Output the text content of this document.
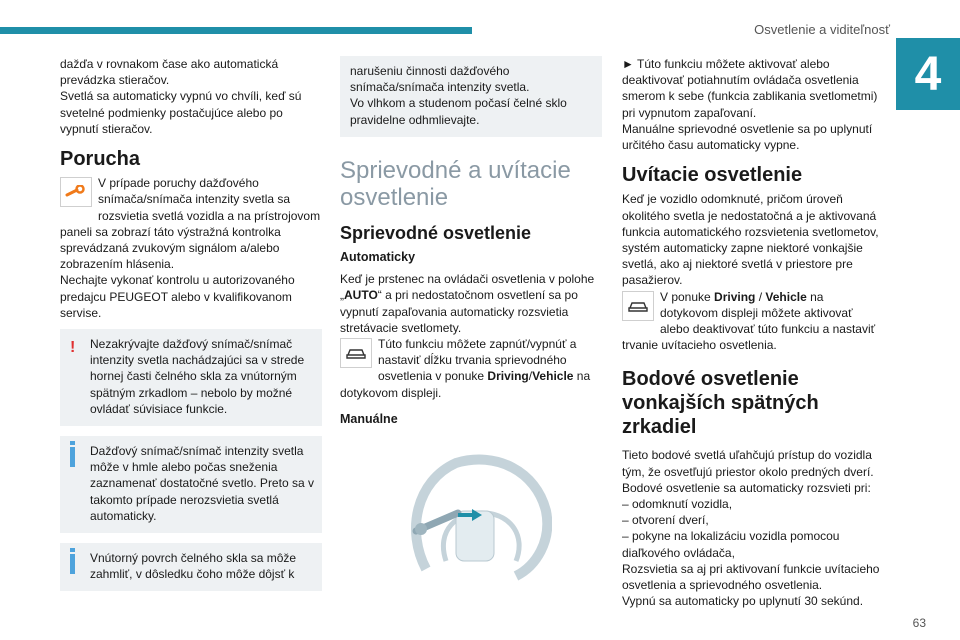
Osvetlenie a viditeľnosť
4

dažďa v rovnakom čase ako automatická prevádzka stieračov.

Svetlá sa automaticky vypnú vo chvíli, keď sú svetelné podmienky postačujúce alebo po vypnutí stieračov.

Porucha

V prípade poruchy dažďového snímača/snímača intenzity svetla sa rozsvietia svetlá vozidla a na prístrojovom paneli sa zobrazí táto výstražná kontrolka sprevádzaná zvukovým signálom a/alebo zobrazením hlásenia.

Nechajte vykonať kontrolu u autorizovaného predajcu PEUGEOT alebo v kvalifikovanom servise.

!	Nezakrývajte dažďový snímač/snímač intenzity svetla nachádzajúci sa v strede hornej časti čelného skla za vnútorným spätným zrkadlom – nebolo by možné ovládať súvisiace funkcie.

Dažďový snímač/snímač intenzity svetla môže v hmle alebo počas sneženia zaznamenať dostatočné svetlo. Preto sa v takomto prípade nerozsvietia svetlá automaticky.

Vnútorný povrch čelného skla sa môže zahmliť, v dôsledku čoho môže dôjsť k

narušeniu činnosti dažďového snímača/snímača intenzity svetla.

Vo vlhkom a studenom počasí čelné sklo pravidelne odhmlievajte.

Sprievodné a uvítacie osvetlenie
Sprievodné osvetlenie
Automaticky

Keď je prstenec na ovládači osvetlenia v polohe „AUTO“ a pri nedostatočnom osvetlení sa po vypnutí zapaľovania automaticky rozsvietia stretávacie svetlomety.

Túto funkciu môžete zapnúť/vypnúť a nastaviť dĺžku trvania sprievodného osvetlenia v ponuke Driving/Vehicle na dotykovom displeji.

Manuálne

► Túto funkciu môžete aktivovať alebo deaktivovať potiahnutím ovládača osvetlenia smerom k sebe (funkcia zablikania svetlometmi) pri vypnutom zapaľovaní.

Manuálne sprievodné osvetlenie sa po uplynutí určitého času automaticky vypne.

Uvítacie osvetlenie

Keď je vozidlo odomknuté, pričom úroveň okolitého svetla je nedostatočná a je aktivovaná funkcia automatického rozsvietenia svetlometov, systém automaticky zapne niektoré vonkajšie svetlá, ako aj niektoré svetlá v priestore pre pasažierov.

V ponuke Driving / Vehicle na dotykovom displeji môžete aktivovať alebo deaktivovať túto funkciu a nastaviť trvanie uvítacieho osvetlenia.

Bodové osvetlenie vonkajších spätných zrkadiel

Tieto bodové svetlá uľahčujú prístup do vozidla tým, že osvetľujú priestor okolo predných dverí.

Bodové osvetlenie sa automaticky rozsvieti pri:

– odomknutí vozidla,

– otvorení dverí,

– pokyne na lokalizáciu vozidla pomocou diaľkového ovládača,

Rozsvietia sa aj pri aktivovaní funkcie uvítacieho osvetlenia a sprievodného osvetlenia.

Vypnú sa automaticky po uplynutí 30 sekúnd.

63
